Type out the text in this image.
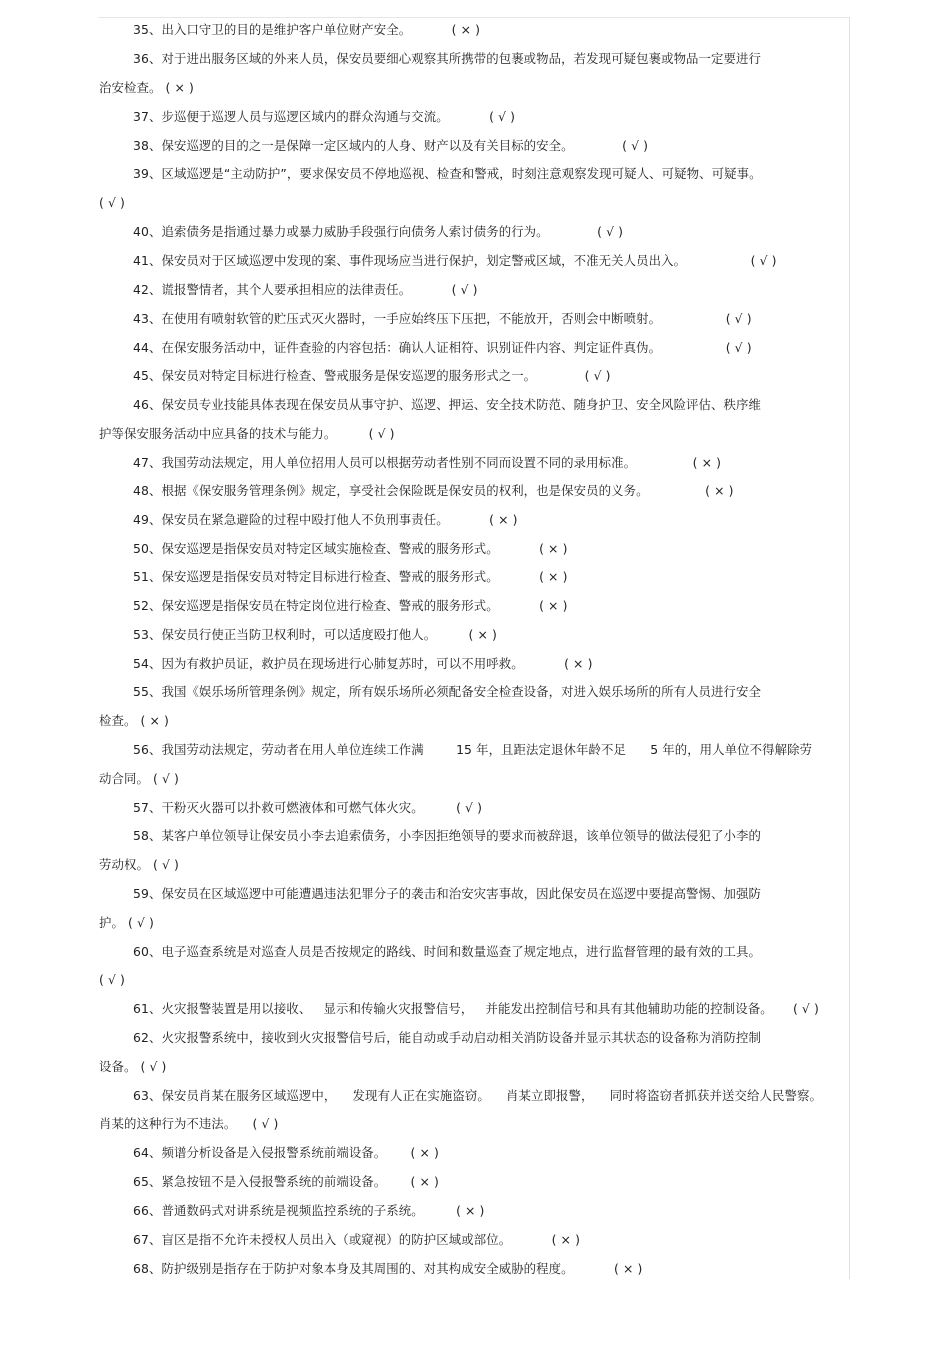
35、出入口守卫的目的是维护客户单位财产安全。          ( × )
36、对于进出服务区域的外来人员，保安员要细心观察其所携带的包裹或物品，若发现可疑包裹或物品一定要进行
治安检查。 ( × )
37、步巡便于巡逻人员与巡逻区域内的群众沟通与交流。          ( √ )
38、保安巡逻的目的之一是保障一定区域内的人身、财产以及有关目标的安全。            ( √ )
39、区域巡逻是“主动防护”，要求保安员不停地巡视、检查和警戒，时刻注意观察发现可疑人、可疑物、可疑事。
( √ )
40、追索债务是指通过暴力或暴力威胁手段强行向债务人索讨债务的行为。            ( √ )
41、保安员对于区域巡逻中发现的案、事件现场应当进行保护，划定警戒区域，不准无关人员出入。                ( √ )
42、谎报警情者，其个人要承担相应的法律责任。          ( √ )
43、在使用有喷射软管的贮压式灭火器时，一手应始终压下压把，不能放开，否则会中断喷射。                ( √ )
44、在保安服务活动中，证件查验的内容包括：确认人证相符、识别证件内容、判定证件真伪。                ( √ )
45、保安员对特定目标进行检查、警戒服务是保安巡逻的服务形式之一。            ( √ )
46、保安员专业技能具体表现在保安员从事守护、巡逻、押运、安全技术防范、随身护卫、安全风险评估、秩序维
护等保安服务活动中应具备的技术与能力。        ( √ )
47、我国劳动法规定，用人单位招用人员可以根据劳动者性别不同而设置不同的录用标准。              ( × )
48、根据《保安服务管理条例》规定，享受社会保险既是保安员的权利，也是保安员的义务。              ( × )
49、保安员在紧急避险的过程中殴打他人不负刑事责任。          ( × )
50、保安巡逻是指保安员对特定区域实施检查、警戒的服务形式。          ( × )
51、保安巡逻是指保安员对特定目标进行检查、警戒的服务形式。          ( × )
52、保安巡逻是指保安员在特定岗位进行检查、警戒的服务形式。          ( × )
53、保安员行使正当防卫权利时，可以适度殴打他人。        ( × )
54、因为有救护员证，救护员在现场进行心肺复苏时，可以不用呼救。          ( × )
55、我国《娱乐场所管理条例》规定，所有娱乐场所必须配备安全检查设备，对进入娱乐场所的所有人员进行安全
检查。 ( × )
56、我国劳动法规定，劳动者在用人单位连续工作满        15 年，且距法定退休年龄不足      5 年的，用人单位不得解除劳
动合同。 ( √ )
57、干粉灭火器可以扑救可燃液体和可燃气体火灾。        ( √ )
58、某客户单位领导让保安员小李去追索债务，小李因拒绝领导的要求而被辞退，该单位领导的做法侵犯了小李的
劳动权。 ( √ )
59、保安员在区域巡逻中可能遭遇违法犯罪分子的袭击和治安灾害事故，因此保安员在巡逻中要提高警惕、加强防
护。 ( √ )
60、电子巡查系统是对巡查人员是否按规定的路线、时间和数量巡查了规定地点，进行监督管理的最有效的工具。
( √ )
61、火灾报警装置是用以接收、   显示和传输火灾报警信号，   并能发出控制信号和具有其他辅助功能的控制设备。     ( √ )
62、火灾报警系统中，接收到火灾报警信号后，能自动或手动启动相关消防设备并显示其状态的设备称为消防控制
设备。 ( √ )
63、保安员肖某在服务区域巡逻中，    发现有人正在实施盗窃。    肖某立即报警，    同时将盗窃者抓获并送交给人民警察。
肖某的这种行为不违法。    ( √ )
64、频谱分析设备是入侵报警系统前端设备。      ( × )
65、紧急按钮不是入侵报警系统的前端设备。      ( × )
66、普通数码式对讲系统是视频监控系统的子系统。        ( × )
67、盲区是指不允许未授权人员出入（或窥视）的防护区域或部位。          ( × )
68、防护级别是指存在于防护对象本身及其周围的、对其构成安全威胁的程度。          ( × )
